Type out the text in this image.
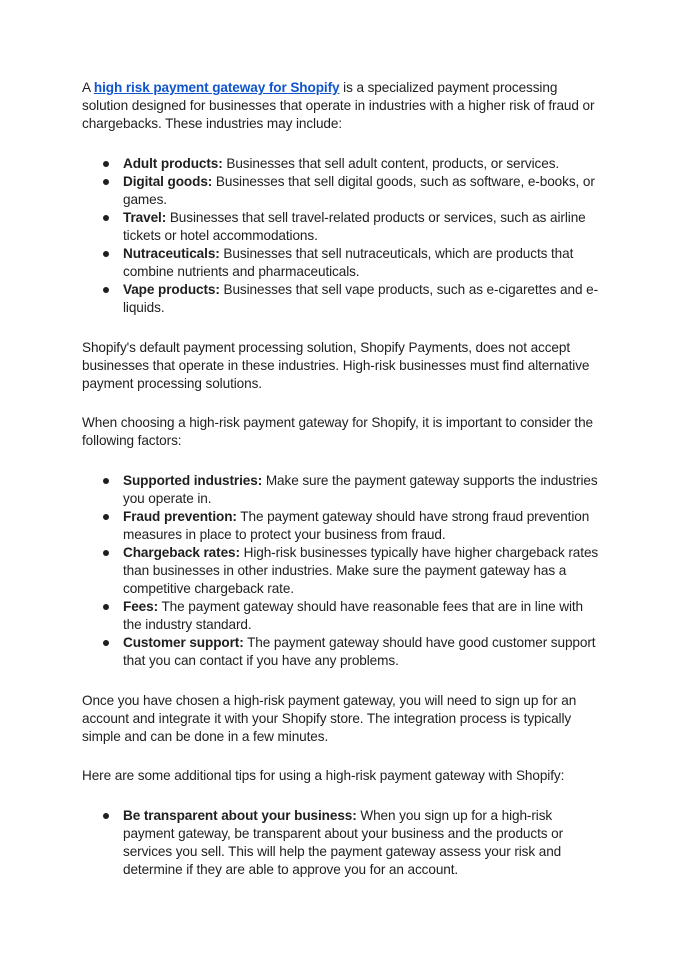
A high risk payment gateway for Shopify is a specialized payment processing solution designed for businesses that operate in industries with a higher risk of fraud or chargebacks. These industries may include:

Adult products: Businesses that sell adult content, products, or services.
Digital goods: Businesses that sell digital goods, such as software, e-books, or games.
Travel: Businesses that sell travel-related products or services, such as airline tickets or hotel accommodations.
Nutraceuticals: Businesses that sell nutraceuticals, which are products that combine nutrients and pharmaceuticals.
Vape products: Businesses that sell vape products, such as e-cigarettes and e-liquids.

Shopify's default payment processing solution, Shopify Payments, does not accept businesses that operate in these industries. High-risk businesses must find alternative payment processing solutions.

When choosing a high-risk payment gateway for Shopify, it is important to consider the following factors:

Supported industries: Make sure the payment gateway supports the industries you operate in.
Fraud prevention: The payment gateway should have strong fraud prevention measures in place to protect your business from fraud.
Chargeback rates: High-risk businesses typically have higher chargeback rates than businesses in other industries. Make sure the payment gateway has a competitive chargeback rate.
Fees: The payment gateway should have reasonable fees that are in line with the industry standard.
Customer support: The payment gateway should have good customer support that you can contact if you have any problems.

Once you have chosen a high-risk payment gateway, you will need to sign up for an account and integrate it with your Shopify store. The integration process is typically simple and can be done in a few minutes.

Here are some additional tips for using a high-risk payment gateway with Shopify:

Be transparent about your business: When you sign up for a high-risk payment gateway, be transparent about your business and the products or services you sell. This will help the payment gateway assess your risk and determine if they are able to approve you for an account.
